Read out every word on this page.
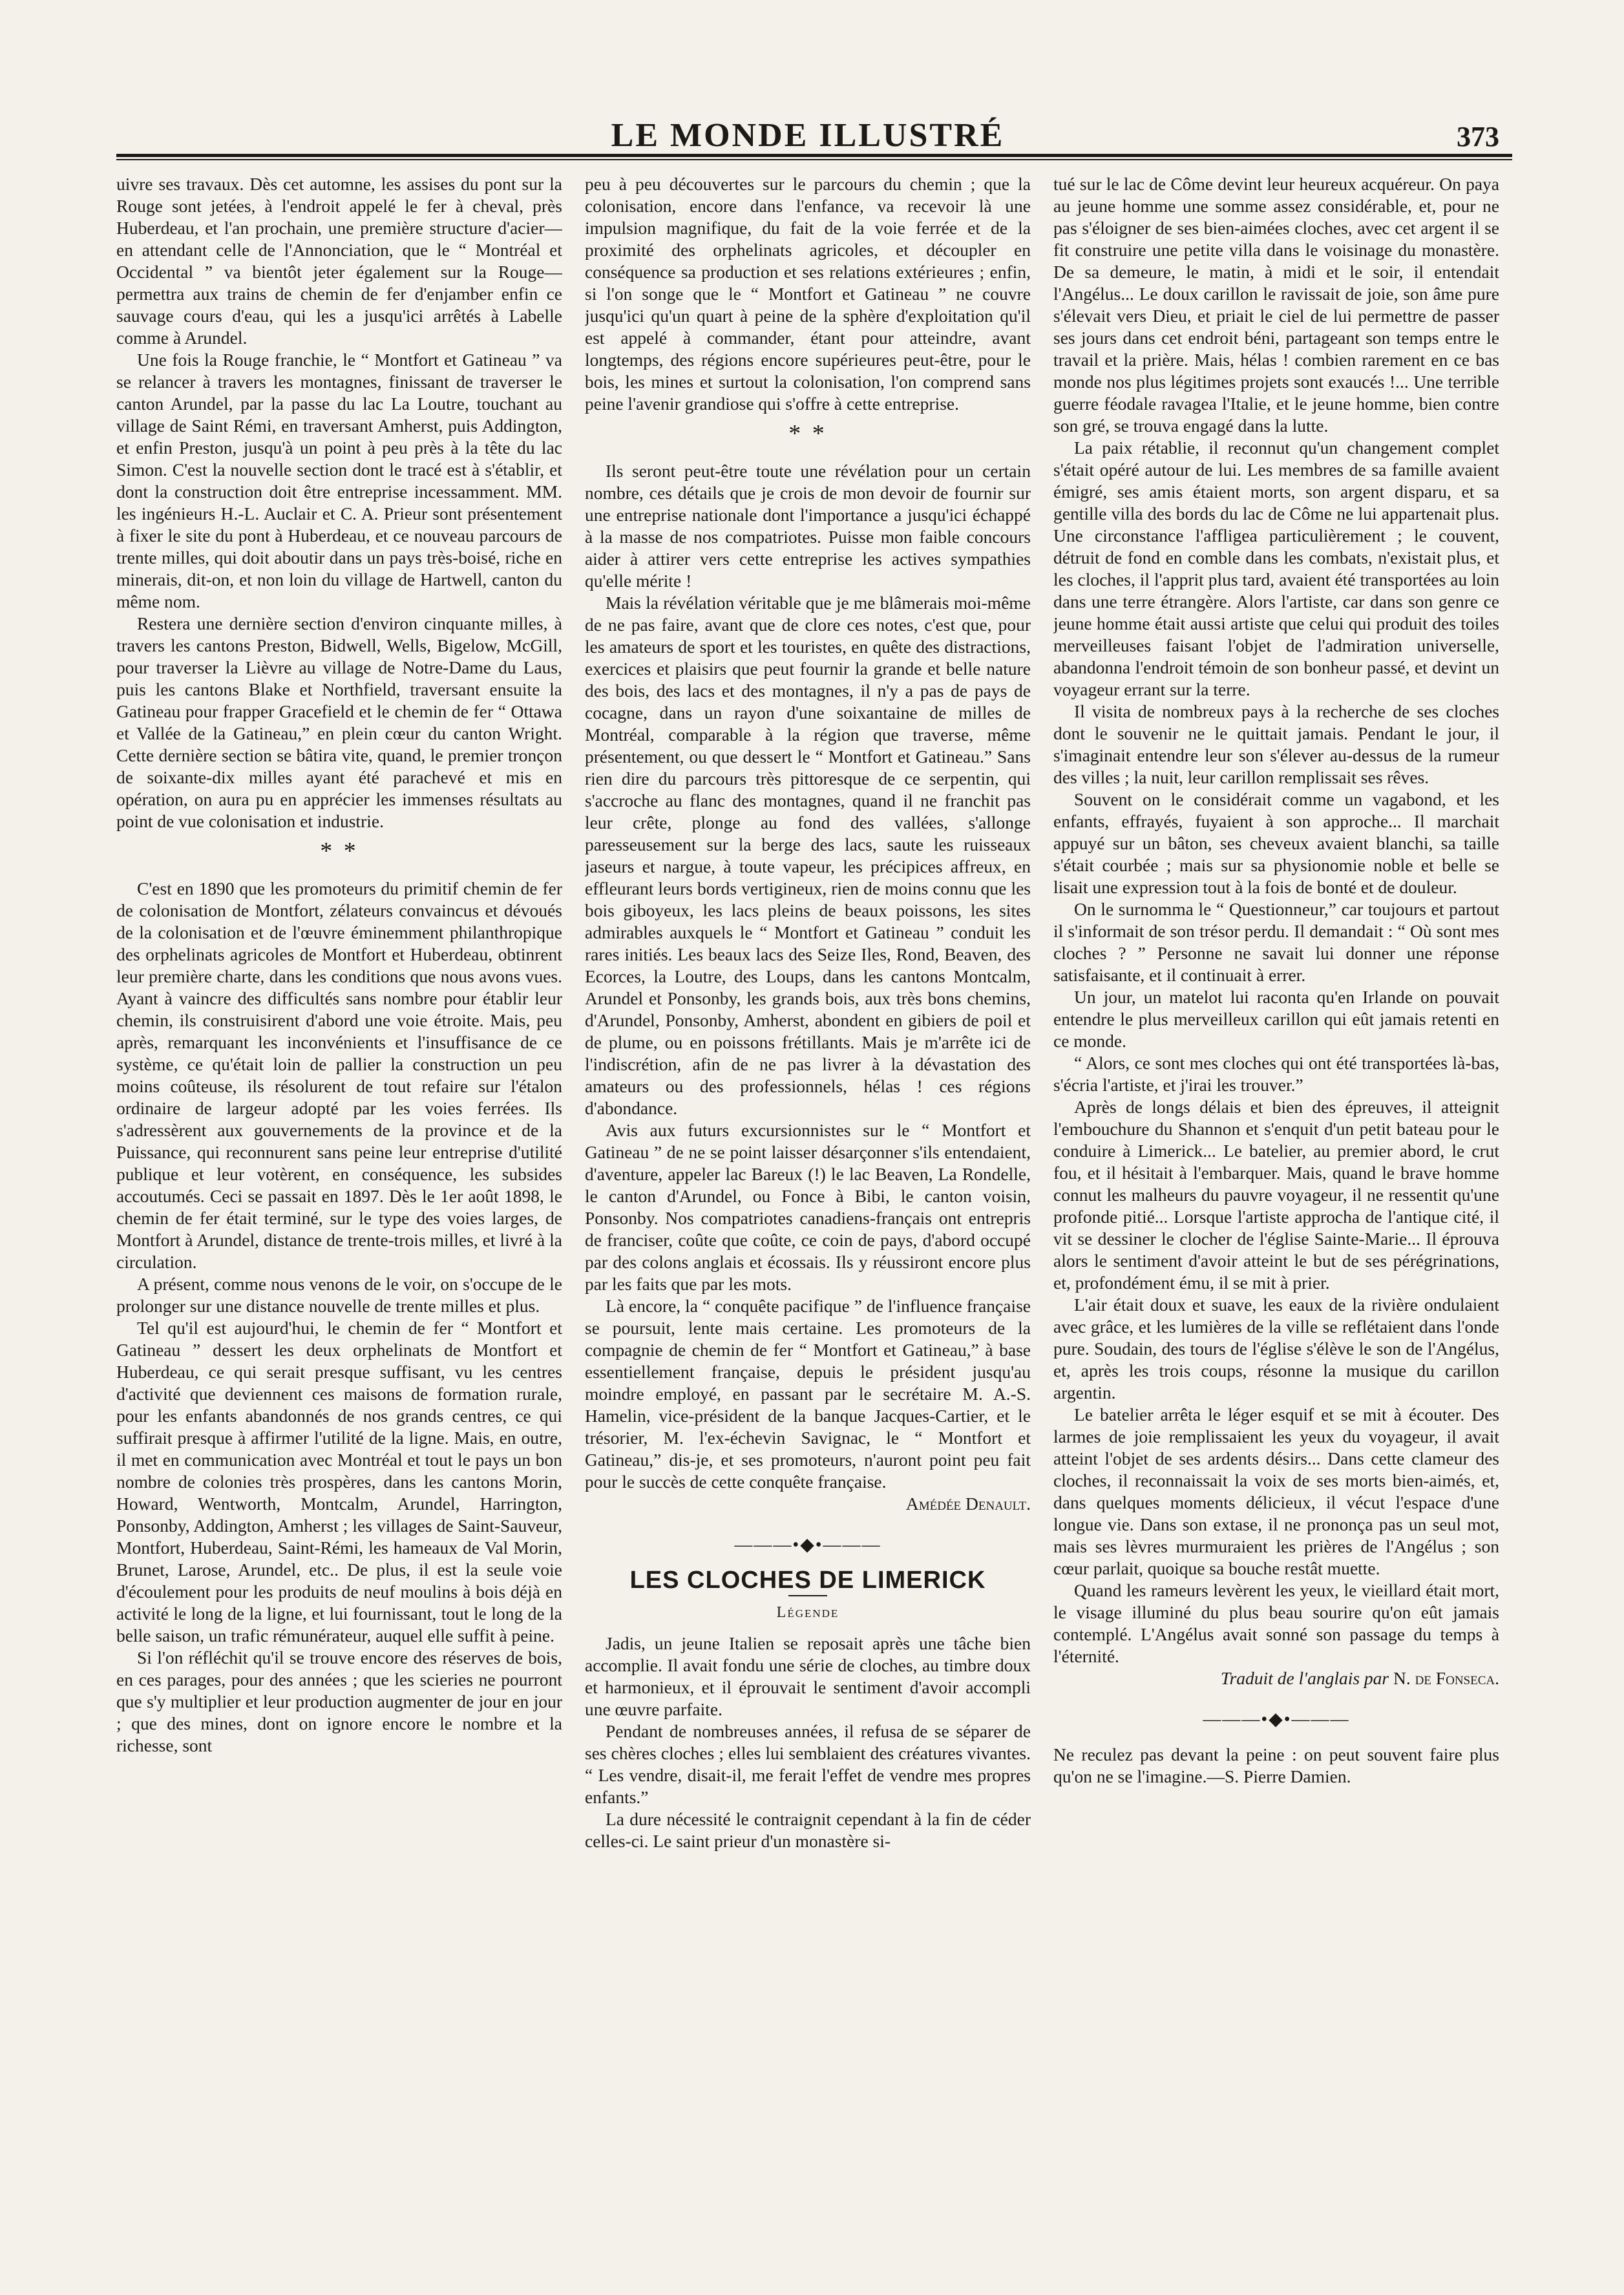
LE MONDE ILLUSTRÉ	373

uivre ses travaux. Dès cet automne, les assises du pont sur la Rouge sont jetées, à l'endroit appelé le fer à cheval, près Huberdeau, et l'an prochain, une première structure d'acier—en attendant celle de l'Annonciation, que le “ Montréal et Occidental ” va bientôt jeter également sur la Rouge—permettra aux trains de chemin de fer d'enjamber enfin ce sauvage cours d'eau, qui les a jusqu'ici arrêtés à Labelle comme à Arundel.

Une fois la Rouge franchie, le “ Montfort et Gatineau ” va se relancer à travers les montagnes, finissant de traverser le canton Arundel, par la passe du lac La Loutre, touchant au village de Saint Rémi, en traversant Amherst, puis Addington, et enfin Preston, jusqu'à un point à peu près à la tête du lac Simon. C'est la nouvelle section dont le tracé est à s'établir, et dont la construction doit être entreprise incessamment. MM. les ingénieurs H.-L. Auclair et C. A. Prieur sont présentement à fixer le site du pont à Huberdeau, et ce nouveau parcours de trente milles, qui doit aboutir dans un pays très-boisé, riche en minerais, dit-on, et non loin du village de Hartwell, canton du même nom.

Restera une dernière section d'environ cinquante milles, à travers les cantons Preston, Bidwell, Wells, Bigelow, McGill, pour traverser la Lièvre au village de Notre-Dame du Laus, puis les cantons Blake et Northfield, traversant ensuite la Gatineau pour frapper Gracefield et le chemin de fer “ Ottawa et Vallée de la Gatineau,” en plein cœur du canton Wright. Cette dernière section se bâtira vite, quand, le premier tronçon de soixante-dix milles ayant été parachevé et mis en opération, on aura pu en apprécier les immenses résultats au point de vue colonisation et industrie.

* *

C'est en 1890 que les promoteurs du primitif chemin de fer de colonisation de Montfort, zélateurs convaincus et dévoués de la colonisation et de l'œuvre éminemment philanthropique des orphelinats agricoles de Montfort et Huberdeau, obtinrent leur première charte, dans les conditions que nous avons vues. Ayant à vaincre des difficultés sans nombre pour établir leur chemin, ils construisirent d'abord une voie étroite. Mais, peu après, remarquant les inconvénients et l'insuffisance de ce système, ce qu'était loin de pallier la construction un peu moins coûteuse, ils résolurent de tout refaire sur l'étalon ordinaire de largeur adopté par les voies ferrées. Ils s'adressèrent aux gouvernements de la province et de la Puissance, qui reconnurent sans peine leur entreprise d'utilité publique et leur votèrent, en conséquence, les subsides accoutumés. Ceci se passait en 1897. Dès le 1er août 1898, le chemin de fer était terminé, sur le type des voies larges, de Montfort à Arundel, distance de trente-trois milles, et livré à la circulation.

A présent, comme nous venons de le voir, on s'occupe de le prolonger sur une distance nouvelle de trente milles et plus.

Tel qu'il est aujourd'hui, le chemin de fer “ Montfort et Gatineau ” dessert les deux orphelinats de Montfort et Huberdeau, ce qui serait presque suffisant, vu les centres d'activité que deviennent ces maisons de formation rurale, pour les enfants abandonnés de nos grands centres, ce qui suffirait presque à affirmer l'utilité de la ligne. Mais, en outre, il met en communication avec Montréal et tout le pays un bon nombre de colonies très prospères, dans les cantons Morin, Howard, Wentworth, Montcalm, Arundel, Harrington, Ponsonby, Addington, Amherst ; les villages de Saint-Sauveur, Montfort, Huberdeau, Saint-Rémi, les hameaux de Val Morin, Brunet, Larose, Arundel, etc.. De plus, il est la seule voie d'écoulement pour les produits de neuf moulins à bois déjà en activité le long de la ligne, et lui fournissant, tout le long de la belle saison, un trafic rémunérateur, auquel elle suffit à peine.

Si l'on réfléchit qu'il se trouve encore des réserves de bois, en ces parages, pour des années ; que les scieries ne pourront que s'y multiplier et leur production augmenter de jour en jour ; que des mines, dont on ignore encore le nombre et la richesse, sont

peu à peu découvertes sur le parcours du chemin ; que la colonisation, encore dans l'enfance, va recevoir là une impulsion magnifique, du fait de la voie ferrée et de la proximité des orphelinats agricoles, et découpler en conséquence sa production et ses relations extérieures ; enfin, si l'on songe que le “ Montfort et Gatineau ” ne couvre jusqu'ici qu'un quart à peine de la sphère d'exploitation qu'il est appelé à commander, étant pour atteindre, avant longtemps, des régions encore supérieures peut-être, pour le bois, les mines et surtout la colonisation, l'on comprend sans peine l'avenir grandiose qui s'offre à cette entreprise.

* *

Ils seront peut-être toute une révélation pour un certain nombre, ces détails que je crois de mon devoir de fournir sur une entreprise nationale dont l'importance a jusqu'ici échappé à la masse de nos compatriotes. Puisse mon faible concours aider à attirer vers cette entreprise les actives sympathies qu'elle mérite !

Mais la révélation véritable que je me blâmerais moi-même de ne pas faire, avant que de clore ces notes, c'est que, pour les amateurs de sport et les touristes, en quête des distractions, exercices et plaisirs que peut fournir la grande et belle nature des bois, des lacs et des montagnes, il n'y a pas de pays de cocagne, dans un rayon d'une soixantaine de milles de Montréal, comparable à la région que traverse, même présentement, ou que dessert le “ Montfort et Gatineau.” Sans rien dire du parcours très pittoresque de ce serpentin, qui s'accroche au flanc des montagnes, quand il ne franchit pas leur crête, plonge au fond des vallées, s'allonge paresseusement sur la berge des lacs, saute les ruisseaux jaseurs et nargue, à toute vapeur, les précipices affreux, en effleurant leurs bords vertigineux, rien de moins connu que les bois giboyeux, les lacs pleins de beaux poissons, les sites admirables auxquels le “ Montfort et Gatineau ” conduit les rares initiés. Les beaux lacs des Seize Iles, Rond, Beaven, des Ecorces, la Loutre, des Loups, dans les cantons Montcalm, Arundel et Ponsonby, les grands bois, aux très bons chemins, d'Arundel, Ponsonby, Amherst, abondent en gibiers de poil et de plume, ou en poissons frétillants. Mais je m'arrête ici de l'indiscrétion, afin de ne pas livrer à la dévastation des amateurs ou des professionnels, hélas ! ces régions d'abondance.

Avis aux futurs excursionnistes sur le “ Montfort et Gatineau ” de ne se point laisser désarçonner s'ils entendaient, d'aventure, appeler lac Bareux (!) le lac Beaven, La Rondelle, le canton d'Arundel, ou Fonce à Bibi, le canton voisin, Ponsonby. Nos compatriotes canadiens-français ont entrepris de franciser, coûte que coûte, ce coin de pays, d'abord occupé par des colons anglais et écossais. Ils y réussiront encore plus par les faits que par les mots.

Là encore, la “ conquête pacifique ” de l'influence française se poursuit, lente mais certaine. Les promoteurs de la compagnie de chemin de fer “ Montfort et Gatineau,” à base essentiellement française, depuis le président jusqu'au moindre employé, en passant par le secrétaire M. A.-S. Hamelin, vice-président de la banque Jacques-Cartier, et le trésorier, M. l'ex-échevin Savignac, le “ Montfort et Gatineau,” dis-je, et ses promoteurs, n'auront point peu fait pour le succès de cette conquête française.

Amédée Denault.

———•◆•———
LES CLOCHES DE LIMERICK
Légende

Jadis, un jeune Italien se reposait après une tâche bien accomplie. Il avait fondu une série de cloches, au timbre doux et harmonieux, et il éprouvait le sentiment d'avoir accompli une œuvre parfaite.

Pendant de nombreuses années, il refusa de se séparer de ses chères cloches ; elles lui semblaient des créatures vivantes. “ Les vendre, disait-il, me ferait l'effet de vendre mes propres enfants.”

La dure nécessité le contraignit cependant à la fin de céder celles-ci. Le saint prieur d'un monastère si-

tué sur le lac de Côme devint leur heureux acquéreur. On paya au jeune homme une somme assez considérable, et, pour ne pas s'éloigner de ses bien-aimées cloches, avec cet argent il se fit construire une petite villa dans le voisinage du monastère. De sa demeure, le matin, à midi et le soir, il entendait l'Angélus... Le doux carillon le ravissait de joie, son âme pure s'élevait vers Dieu, et priait le ciel de lui permettre de passer ses jours dans cet endroit béni, partageant son temps entre le travail et la prière. Mais, hélas ! combien rarement en ce bas monde nos plus légitimes projets sont exaucés !... Une terrible guerre féodale ravagea l'Italie, et le jeune homme, bien contre son gré, se trouva engagé dans la lutte.

La paix rétablie, il reconnut qu'un changement complet s'était opéré autour de lui. Les membres de sa famille avaient émigré, ses amis étaient morts, son argent disparu, et sa gentille villa des bords du lac de Côme ne lui appartenait plus. Une circonstance l'affligea particulièrement ; le couvent, détruit de fond en comble dans les combats, n'existait plus, et les cloches, il l'apprit plus tard, avaient été transportées au loin dans une terre étrangère. Alors l'artiste, car dans son genre ce jeune homme était aussi artiste que celui qui produit des toiles merveilleuses faisant l'objet de l'admiration universelle, abandonna l'endroit témoin de son bonheur passé, et devint un voyageur errant sur la terre.

Il visita de nombreux pays à la recherche de ses cloches dont le souvenir ne le quittait jamais. Pendant le jour, il s'imaginait entendre leur son s'élever au-dessus de la rumeur des villes ; la nuit, leur carillon remplissait ses rêves.

Souvent on le considérait comme un vagabond, et les enfants, effrayés, fuyaient à son approche... Il marchait appuyé sur un bâton, ses cheveux avaient blanchi, sa taille s'était courbée ; mais sur sa physionomie noble et belle se lisait une expression tout à la fois de bonté et de douleur.

On le surnomma le “ Questionneur,” car toujours et partout il s'informait de son trésor perdu. Il demandait : “ Où sont mes cloches ? ” Personne ne savait lui donner une réponse satisfaisante, et il continuait à errer.

Un jour, un matelot lui raconta qu'en Irlande on pouvait entendre le plus merveilleux carillon qui eût jamais retenti en ce monde.

“ Alors, ce sont mes cloches qui ont été transportées là-bas, s'écria l'artiste, et j'irai les trouver.”

Après de longs délais et bien des épreuves, il atteignit l'embouchure du Shannon et s'enquit d'un petit bateau pour le conduire à Limerick... Le batelier, au premier abord, le crut fou, et il hésitait à l'embarquer. Mais, quand le brave homme connut les malheurs du pauvre voyageur, il ne ressentit qu'une profonde pitié... Lorsque l'artiste approcha de l'antique cité, il vit se dessiner le clocher de l'église Sainte-Marie... Il éprouva alors le sentiment d'avoir atteint le but de ses pérégrinations, et, profondément ému, il se mit à prier.

L'air était doux et suave, les eaux de la rivière ondulaient avec grâce, et les lumières de la ville se reflétaient dans l'onde pure. Soudain, des tours de l'église s'élève le son de l'Angélus, et, après les trois coups, résonne la musique du carillon argentin.

Le batelier arrêta le léger esquif et se mit à écouter. Des larmes de joie remplissaient les yeux du voyageur, il avait atteint l'objet de ses ardents désirs... Dans cette clameur des cloches, il reconnaissait la voix de ses morts bien-aimés, et, dans quelques moments délicieux, il vécut l'espace d'une longue vie. Dans son extase, il ne prononça pas un seul mot, mais ses lèvres murmuraient les prières de l'Angélus ; son cœur parlait, quoique sa bouche restât muette.

Quand les rameurs levèrent les yeux, le vieillard était mort, le visage illuminé du plus beau sourire qu'on eût jamais contemplé. L'Angélus avait sonné son passage du temps à l'éternité.

Traduit de l'anglais par N. de Fonseca.

———•◆•———

Ne reculez pas devant la peine : on peut souvent faire plus qu'on ne se l'imagine.—S. Pierre Damien.
